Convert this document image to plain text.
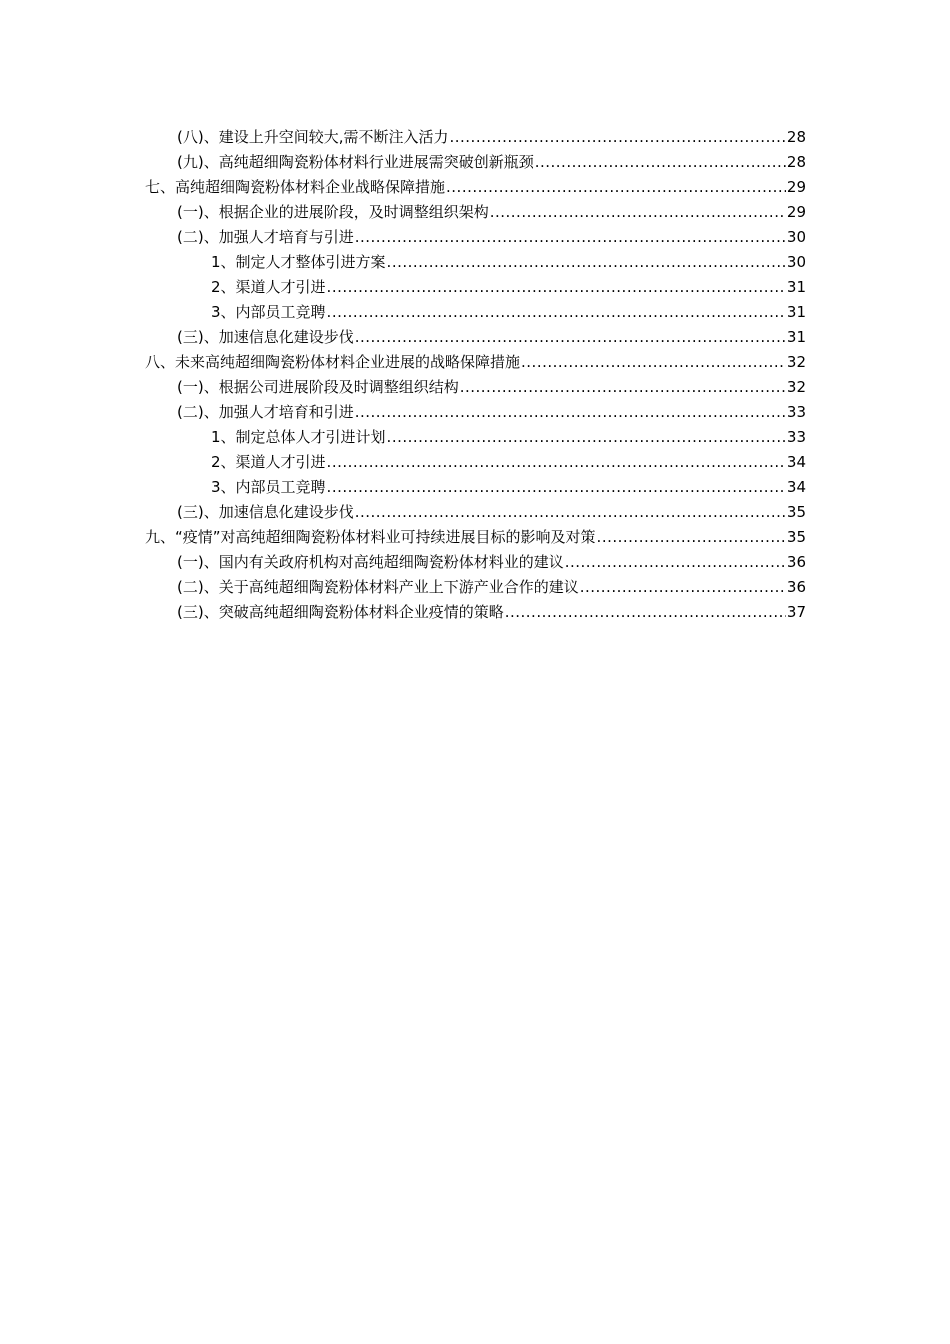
(八)、建设上升空间较大,需不断注入活力 .....	28
(九)、高纯超细陶瓷粉体材料行业进展需突破创新瓶颈 .....	28
七、高纯超细陶瓷粉体材料企业战略保障措施 .....	29
(一)、根据企业的进展阶段，及时调整组织架构 .....	29
(二)、加强人才培育与引进 .....	30
1、制定人才整体引进方案 .....	30
2、渠道人才引进 .....	31
3、内部员工竞聘 .....	31
(三)、加速信息化建设步伐 .....	31
八、未来高纯超细陶瓷粉体材料企业进展的战略保障措施 .....	32
(一)、根据公司进展阶段及时调整组织结构 .....	32
(二)、加强人才培育和引进 .....	33
1、制定总体人才引进计划 .....	33
2、渠道人才引进 .....	34
3、内部员工竞聘 .....	34
(三)、加速信息化建设步伐 .....	35
九、“疫情”对高纯超细陶瓷粉体材料业可持续进展目标的影响及对策 .....	35
(一)、国内有关政府机构对高纯超细陶瓷粉体材料业的建议 .....	36
(二)、关于高纯超细陶瓷粉体材料产业上下游产业合作的建议 .....	36
(三)、突破高纯超细陶瓷粉体材料企业疫情的策略 .....	37
